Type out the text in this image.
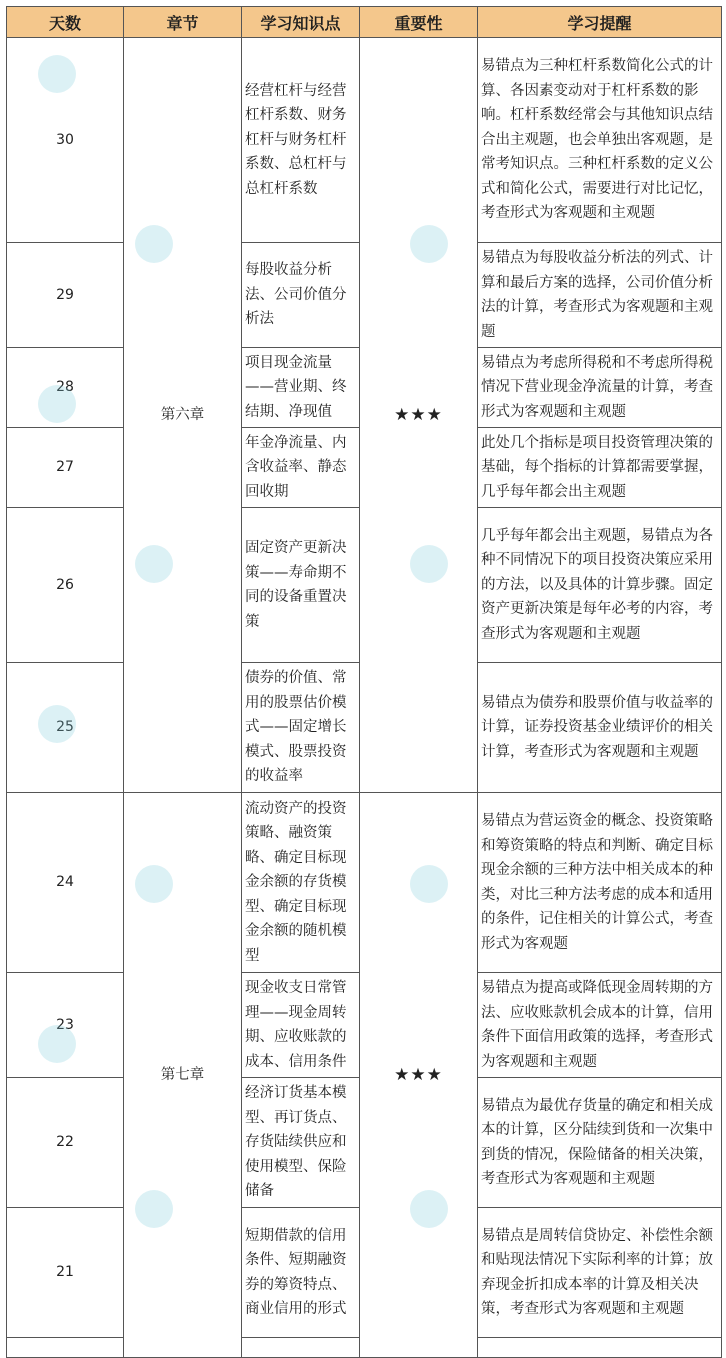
天数	章节	学习知识点	重要性	学习提醒
30	第六章	经营杠杆与经营杠杆系数、财务杠杆与财务杠杆系数、总杠杆与总杠杆系数	★★★	易错点为三种杠杆系数简化公式的计算、各因素变动对于杠杆系数的影响。杠杆系数经常会与其他知识点结合出主观题，也会单独出客观题，是常考知识点。三种杠杆系数的定义公式和简化公式，需要进行对比记忆，考查形式为客观题和主观题
29		每股收益分析法、公司价值分析法		易错点为每股收益分析法的列式、计算和最后方案的选择，公司价值分析法的计算，考查形式为客观题和主观题
28		项目现金流量——营业期、终结期、净现值		易错点为考虑所得税和不考虑所得税情况下营业现金净流量的计算，考查形式为客观题和主观题
27		年金净流量、内含收益率、静态回收期		此处几个指标是项目投资管理决策的基础，每个指标的计算都需要掌握，几乎每年都会出主观题
26		固定资产更新决策——寿命期不同的设备重置决策		几乎每年都会出主观题，易错点为各种不同情况下的项目投资决策应采用的方法，以及具体的计算步骤。固定资产更新决策是每年必考的内容，考查形式为客观题和主观题
25		债券的价值、常用的股票估价模式——固定增长模式、股票投资的收益率		易错点为债券和股票价值与收益率的计算，证券投资基金业绩评价的相关计算，考查形式为客观题和主观题
24	第七章	流动资产的投资策略、融资策略、确定目标现金余额的存货模型、确定目标现金余额的随机模型	★★★	易错点为营运资金的概念、投资策略和筹资策略的特点和判断、确定目标现金余额的三种方法中相关成本的种类，对比三种方法考虑的成本和适用的条件，记住相关的计算公式，考查形式为客观题
23		现金收支日常管理——现金周转期、应收账款的成本、信用条件		易错点为提高或降低现金周转期的方法、应收账款机会成本的计算，信用条件下面信用政策的选择，考查形式为客观题和主观题
22		经济订货基本模型、再订货点、存货陆续供应和使用模型、保险储备		易错点为最优存货量的确定和相关成本的计算，区分陆续到货和一次集中到货的情况，保险储备的相关决策，考查形式为客观题和主观题
21		短期借款的信用条件、短期融资券的筹资特点、商业信用的形式		易错点是周转信贷协定、补偿性余额和贴现法情况下实际利率的计算；放弃现金折扣成本率的计算及相关决策，考查形式为客观题和主观题
